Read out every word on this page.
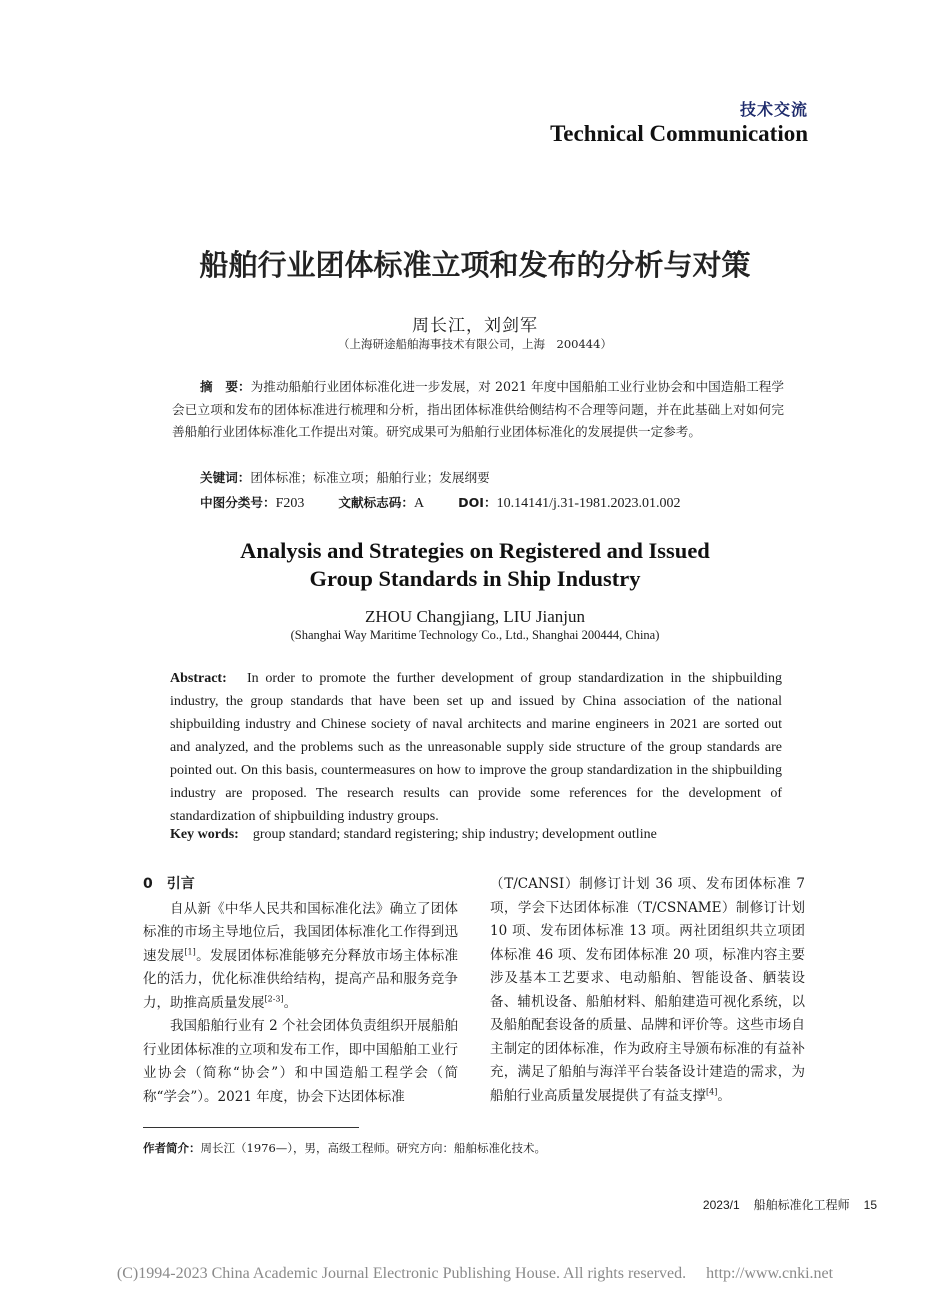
技术交流
Technical Communication
船舶行业团体标准立项和发布的分析与对策
周长江，刘剑军
（上海研途船舶海事技术有限公司，上海　200444）
摘　要：为推动船舶行业团体标准化进一步发展，对 2021 年度中国船舶工业行业协会和中国造船工程学会已立项和发布的团体标准进行梳理和分析，指出团体标准供给侧结构不合理等问题，并在此基础上对如何完善船舶行业团体标准化工作提出对策。研究成果可为船舶行业团体标准化的发展提供一定参考。
关键词：团体标准；标准立项；船舶行业；发展纲要
中图分类号：F203	文献标志码：A	DOI：10.14141/j.31-1981.2023.01.002
Analysis and Strategies on Registered and Issued
Group Standards in Ship Industry
ZHOU Changjiang, LIU Jianjun
(Shanghai Way Maritime Technology Co., Ltd., Shanghai 200444, China)
Abstract: In order to promote the further development of group standardization in the shipbuilding industry, the group standards that have been set up and issued by China association of the national shipbuilding industry and Chinese society of naval architects and marine engineers in 2021 are sorted out and analyzed, and the problems such as the unreasonable supply side structure of the group standards are pointed out. On this basis, countermeasures on how to improve the group standardization in the shipbuilding industry are proposed. The research results can provide some references for the development of standardization of shipbuilding industry groups.
Key words: group standard; standard registering; ship industry; development outline
0　引言

自从新《中华人民共和国标准化法》确立了团体标准的市场主导地位后，我国团体标准化工作得到迅速发展[1]。发展团体标准能够充分释放市场主体标准化的活力，优化标准供给结构，提高产品和服务竞争力，助推高质量发展[2-3]。

我国船舶行业有 2 个社会团体负责组织开展船舶行业团体标准的立项和发布工作，即中国船舶工业行业协会（简称“协会”）和中国造船工程学会（简称“学会”）。2021 年度，协会下达团体标准

（T/CANSI）制修订计划 36 项、发布团体标准 7 项，学会下达团体标准（T/CSNAME）制修订计划 10 项、发布团体标准 13 项。两社团组织共立项团体标准 46 项、发布团体标准 20 项，标准内容主要涉及基本工艺要求、电动船舶、智能设备、舾装设备、辅机设备、船舶材料、船舶建造可视化系统，以及船舶配套设备的质量、品牌和评价等。这些市场自主制定的团体标准，作为政府主导颁布标准的有益补充，满足了船舶与海洋平台装备设计建造的需求，为船舶行业高质量发展提供了有益支撑[4]。

作者简介：周长江（1976—），男，高级工程师。研究方向：船舶标准化技术。
2023/1 船舶标准化工程师 15
(C)1994-2023 China Academic Journal Electronic Publishing House. All rights reserved.　 http://www.cnki.net
